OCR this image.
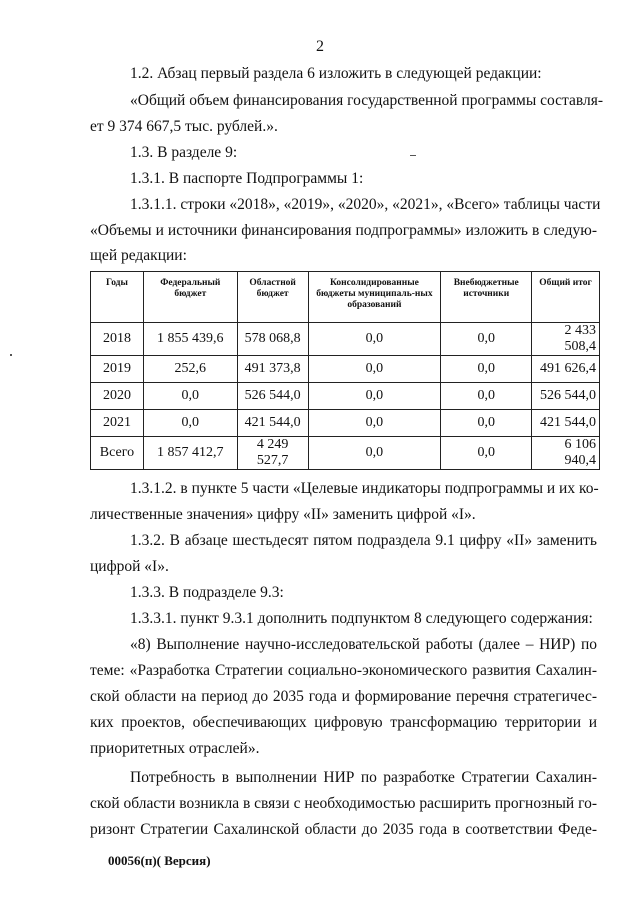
2
1.2. Абзац первый раздела 6 изложить в следующей редакции:
«Общий объем финансирования государственной программы составля-
ет 9 374 667,5 тыс. рублей.».
1.3. В разделе 9:
1.3.1. В паспорте Подпрограммы 1:
1.3.1.1. строки «2018», «2019», «2020», «2021», «Всего» таблицы части
«Объемы и источники финансирования подпрограммы» изложить в следую-
щей редакции:
Годы	Федеральный бюджет	Областной бюджет	Консолидированные бюджеты муниципаль-ных образований	Внебюджетные источники	Общий итог
2018	1 855 439,6	578 068,8	0,0	0,0	2 433 508,4
2019	252,6	491 373,8	0,0	0,0	491 626,4
2020	0,0	526 544,0	0,0	0,0	526 544,0
2021	0,0	421 544,0	0,0	0,0	421 544,0
Всего	1 857 412,7	4 249 527,7	0,0	0,0	6 106 940,4
1.3.1.2. в пункте 5 части «Целевые индикаторы подпрограммы и их ко-
личественные значения» цифру «II» заменить цифрой «I».
1.3.2. В абзаце шестьдесят пятом подраздела 9.1 цифру «II» заменить
цифрой «I».
1.3.3. В подразделе 9.3:
1.3.3.1. пункт 9.3.1 дополнить подпунктом 8 следующего содержания:
«8) Выполнение научно-исследовательской работы (далее – НИР) по
теме: «Разработка Стратегии социально-экономического развития Сахалин-
ской области на период до 2035 года и формирование перечня стратегичес-
ких проектов, обеспечивающих цифровую трансформацию территории и
приоритетных отраслей».
Потребность в выполнении НИР по разработке Стратегии Сахалин-
ской области возникла в связи с необходимостью расширить прогнозный го-
ризонт Стратегии Сахалинской области до 2035 года в соответствии Феде-
00056(п)( Версия)
